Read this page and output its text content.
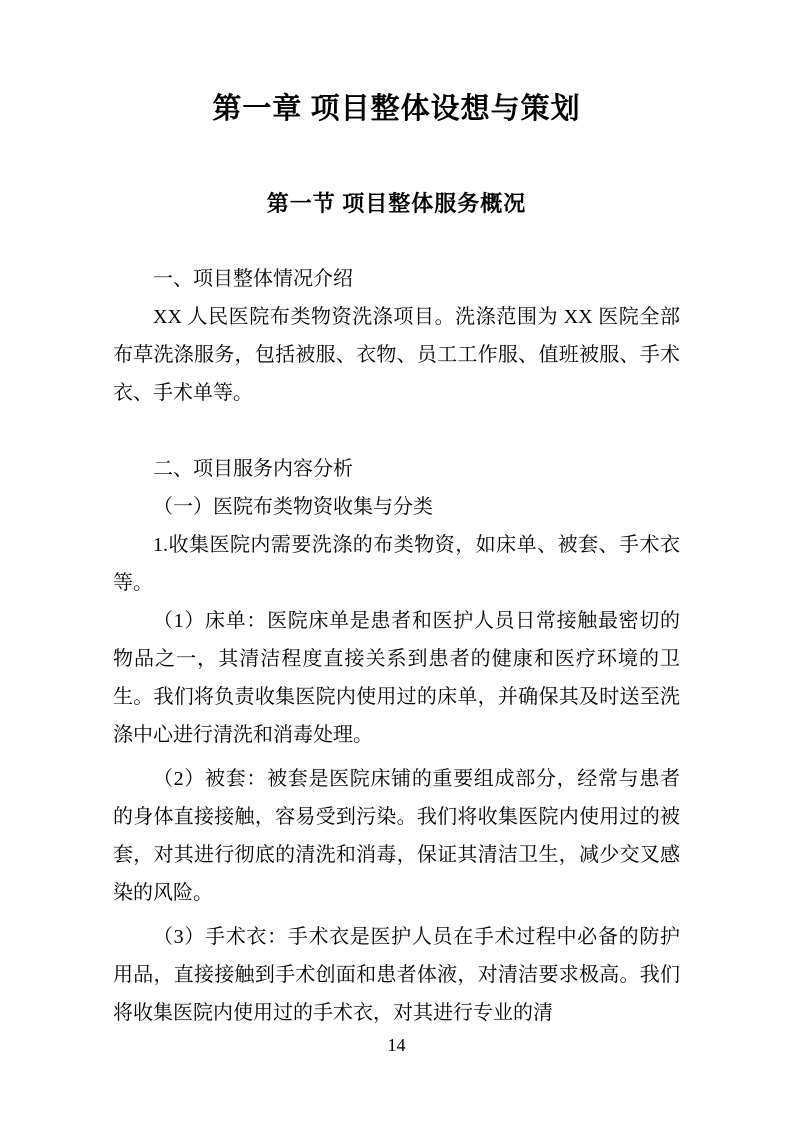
第一章 项目整体设想与策划
第一节 项目整体服务概况

一、项目整体情况介绍

XX 人民医院布类物资洗涤项目。洗涤范围为 XX 医院全部布草洗涤服务，包括被服、衣物、员工工作服、值班被服、手术衣、手术单等。

二、项目服务内容分析

（一）医院布类物资收集与分类

1.收集医院内需要洗涤的布类物资，如床单、被套、手术衣等。

（1）床单：医院床单是患者和医护人员日常接触最密切的物品之一，其清洁程度直接关系到患者的健康和医疗环境的卫生。我们将负责收集医院内使用过的床单，并确保其及时送至洗涤中心进行清洗和消毒处理。

（2）被套：被套是医院床铺的重要组成部分，经常与患者的身体直接接触，容易受到污染。我们将收集医院内使用过的被套，对其进行彻底的清洗和消毒，保证其清洁卫生，减少交叉感染的风险。

（3）手术衣：手术衣是医护人员在手术过程中必备的防护用品，直接接触到手术创面和患者体液，对清洁要求极高。我们将收集医院内使用过的手术衣，对其进行专业的清

14
